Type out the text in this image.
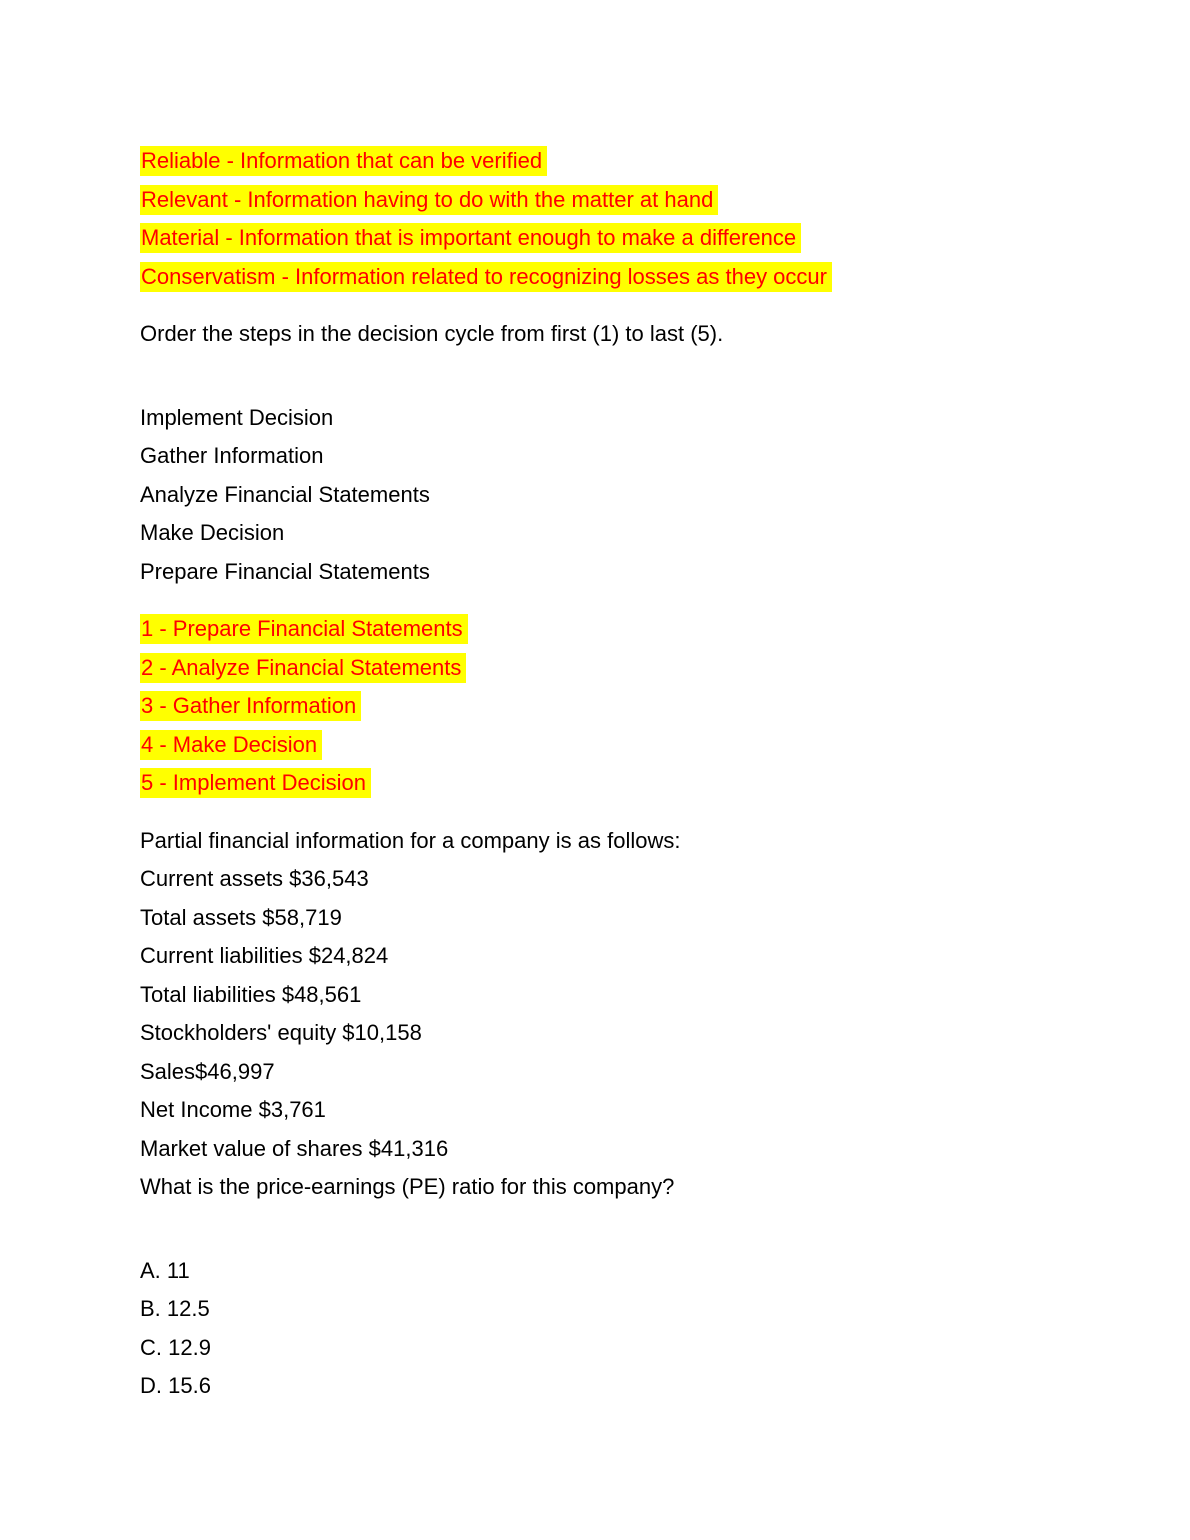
Reliable - Information that can be verified

Relevant - Information having to do with the matter at hand

Material - Information that is important enough to make a difference

Conservatism - Information related to recognizing losses as they occur

Order the steps in the decision cycle from first (1) to last (5).

Implement Decision

Gather Information

Analyze Financial Statements

Make Decision

Prepare Financial Statements

1 - Prepare Financial Statements

2 - Analyze Financial Statements

3 - Gather Information

4 - Make Decision

5 - Implement Decision

Partial financial information for a company is as follows:

Current assets $36,543

Total assets $58,719

Current liabilities $24,824

Total liabilities $48,561

Stockholders' equity $10,158

Sales$46,997

Net Income $3,761

Market value of shares $41,316

What is the price-earnings (PE) ratio for this company?

A. 11

B. 12.5

C. 12.9

D. 15.6
